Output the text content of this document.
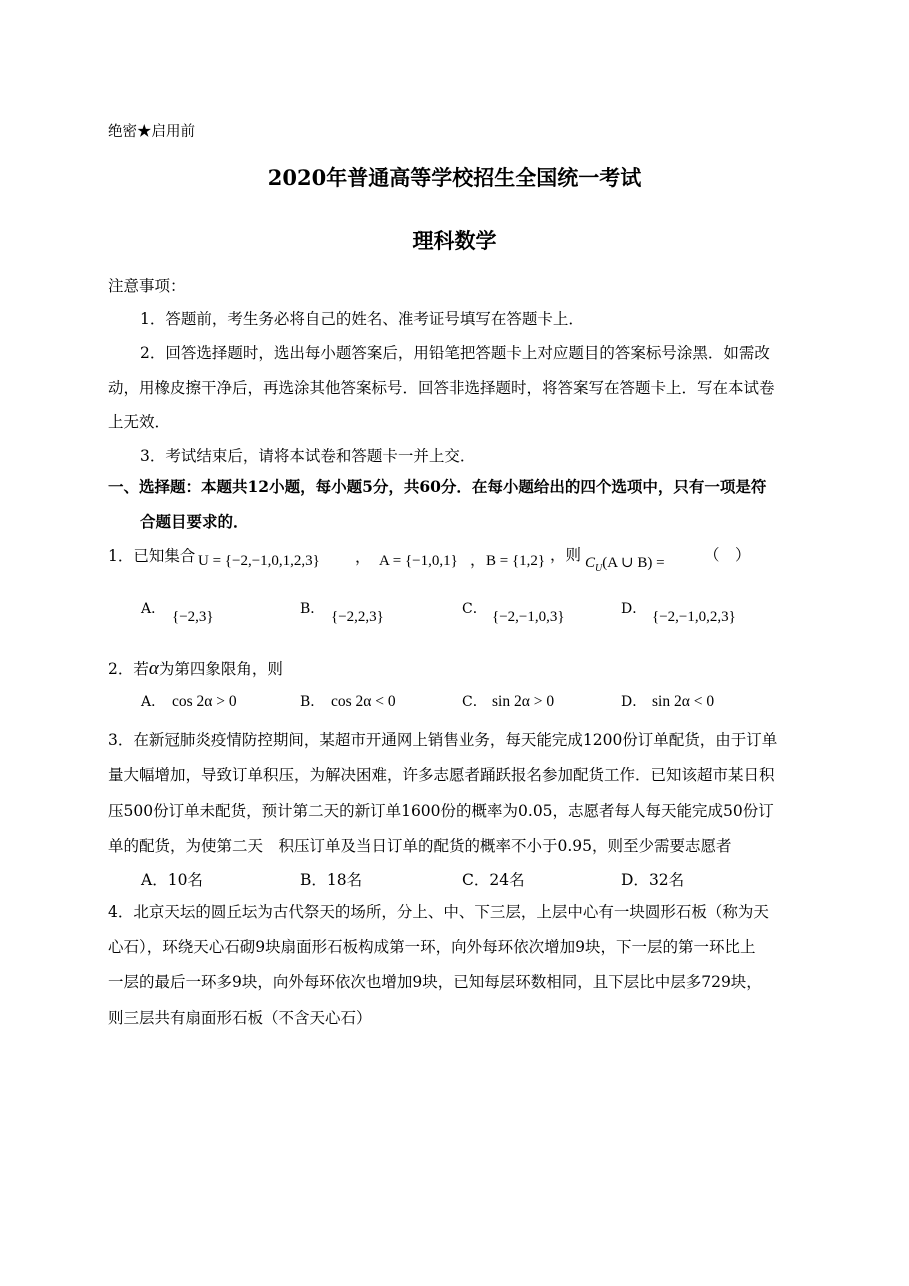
绝密★启用前
2020年普通高等学校招生全国统一考试
理科数学
注意事项：
1．答题前，考生务必将自己的姓名、准考证号填写在答题卡上．
2．回答选择题时，选出每小题答案后，用铅笔把答题卡上对应题目的答案标号涂黑．如需改
动，用橡皮擦干净后，再选涂其他答案标号．回答非选择题时，将答案写在答题卡上．写在本试卷
上无效．
3．考试结束后，请将本试卷和答题卡一并上交．
一、选择题：本题共12小题，每小题5分，共60分．在每小题给出的四个选项中，只有一项是符
合题目要求的．
1．已知集合 U = {−2,−1,0,1,2,3} ， A = {−1,0,1} ， B = {1,2} ，则 $C_U(A$ ∪ B) =	（　）
A． {−2,3}	B． {−2,2,3}	C． {−2,−1,0,3}	D． {−2,−1,0,2,3}
2．若α为第四象限角，则
A． cos 2α > 0	B． cos 2α < 0	C． sin 2α > 0	D． sin 2α < 0
3．在新冠肺炎疫情防控期间，某超市开通网上销售业务，每天能完成1200份订单配货，由于订单
量大幅增加，导致订单积压，为解决困难，许多志愿者踊跃报名参加配货工作．已知该超市某日积
压500份订单未配货，预计第二天的新订单1600份的概率为0.05，志愿者每人每天能完成50份订
单的配货，为使第二天　积压订单及当日订单的配货的概率不小于0.95，则至少需要志愿者
A．10名	B．18名	C．24名	D．32名
4．北京天坛的圆丘坛为古代祭天的场所，分上、中、下三层，上层中心有一块圆形石板（称为天
心石），环绕天心石砌9块扇面形石板构成第一环，向外每环依次增加9块，下一层的第一环比上
一层的最后一环多9块，向外每环依次也增加9块，已知每层环数相同，且下层比中层多729块，
则三层共有扇面形石板（不含天心石）
